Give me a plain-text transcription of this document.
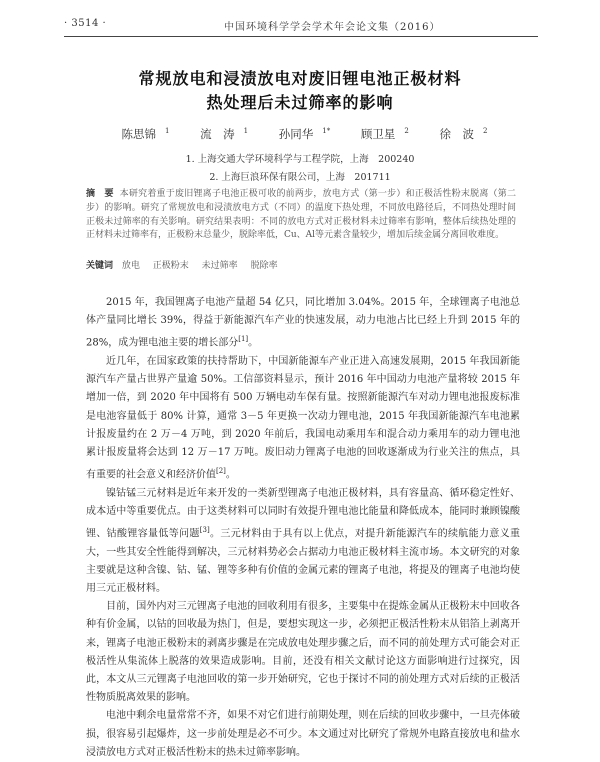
· 3514 ·	中国环境科学学会学术年会论文集（2016）
常规放电和浸渍放电对废旧锂电池正极材料
热处理后未过筛率的影响
陈思锦 $^1$	流　涛 $^1$	孙同华 $^{1*}$	顾卫星 $^2$	徐　波 $^2$
1. 上海交通大学环境科学与工程学院，上海　200240
2. 上海巨浪环保有限公司，上海　201711
摘　要 本研究着重于废旧锂离子电池正极可收的前两步，放电方式（第一步）和正极活性粉末脱离（第二步）的影响。研究了常规放电和浸渍放电方式（不同）的温度下热处理，不同放电路径后，不同热处理时间正极未过筛率的有关影响。研究结果表明：不同的放电方式对正极材料未过筛率有影响，整体后续热处理的正材料未过筛率有，正极粉末总量少，脱除率低，Cu、Al等元素含量较少，增加后续金属分离回收难度。
关键词 放电 正极粉末 未过筛率 脱除率

2015 年，我国锂离子电池产量超 54 亿只，同比增加 3.04%。2015 年，全球锂离子电池总体产量同比增长 39%，得益于新能源汽车产业的快速发展，动力电池占比已经上升到 2015 年的 28%，成为锂电池主要的增长部分[1]。

近几年，在国家政策的扶持帮助下，中国新能源车产业正进入高速发展期，2015 年我国新能源汽车产量占世界产量逾 50%。工信部资料显示，预计 2016 年中国动力电池产量将较 2015 年增加一倍，到 2020 年中国将有 500 万辆电动车保有量。按照新能源汽车对动力锂电池报废标准是电池容量低于 80% 计算，通常 3－5 年更换一次动力锂电池，2015 年我国新能源汽车电池累计报废量约在 2 万－4 万吨，到 2020 年前后，我国电动乘用车和混合动力乘用车的动力锂电池累计报废量将会达到 12 万－17 万吨。废旧动力锂离子电池的回收逐渐成为行业关注的焦点，具有重要的社会意义和经济价值[2]。

镍钴锰三元材料是近年来开发的一类新型锂离子电池正极材料，具有容量高、循环稳定性好、成本适中等重要优点。由于这类材料可以同时有效提升锂电池比能量和降低成本，能同时兼顾镍酸锂、钴酸锂容量低等问题[3]。三元材料由于具有以上优点，对提升新能源汽车的续航能力意义重大，一些其安全性能得到解决，三元材料势必会占据动力电池正极材料主流市场。本文研究的对象主要就是这种含镍、钴、锰、锂等多种有价值的金属元素的锂离子电池，将提及的锂离子电池均使用三元正极材料。

目前，国外内对三元锂离子电池的回收利用有很多，主要集中在提炼金属从正极粉末中回收各种有价金属，以钴的回收最为热门，但是，要想实现这一步，必须把正极活性粉末从铝箔上剥离开来，锂离子电池正极粉末的剥离步骤是在完成放电处理步骤之后，而不同的前处理方式可能会对正极活性从集流体上脱落的效果造成影响。目前，还没有相关文献讨论这方面影响进行过探究，因此，本文从三元锂离子电池回收的第一步开始研究，它也于探讨不同的前处理方式对后续的正极活性物质脱离效果的影响。

电池中剩余电量常常不齐，如果不对它们进行前期处理，则在后续的回收步骤中，一旦壳体破损，很容易引起爆炸，这一步前处理是必不可少。本文通过对比研究了常规外电路直接放电和盐水浸渍放电方式对正极活性粉末的热未过筛率影响。
